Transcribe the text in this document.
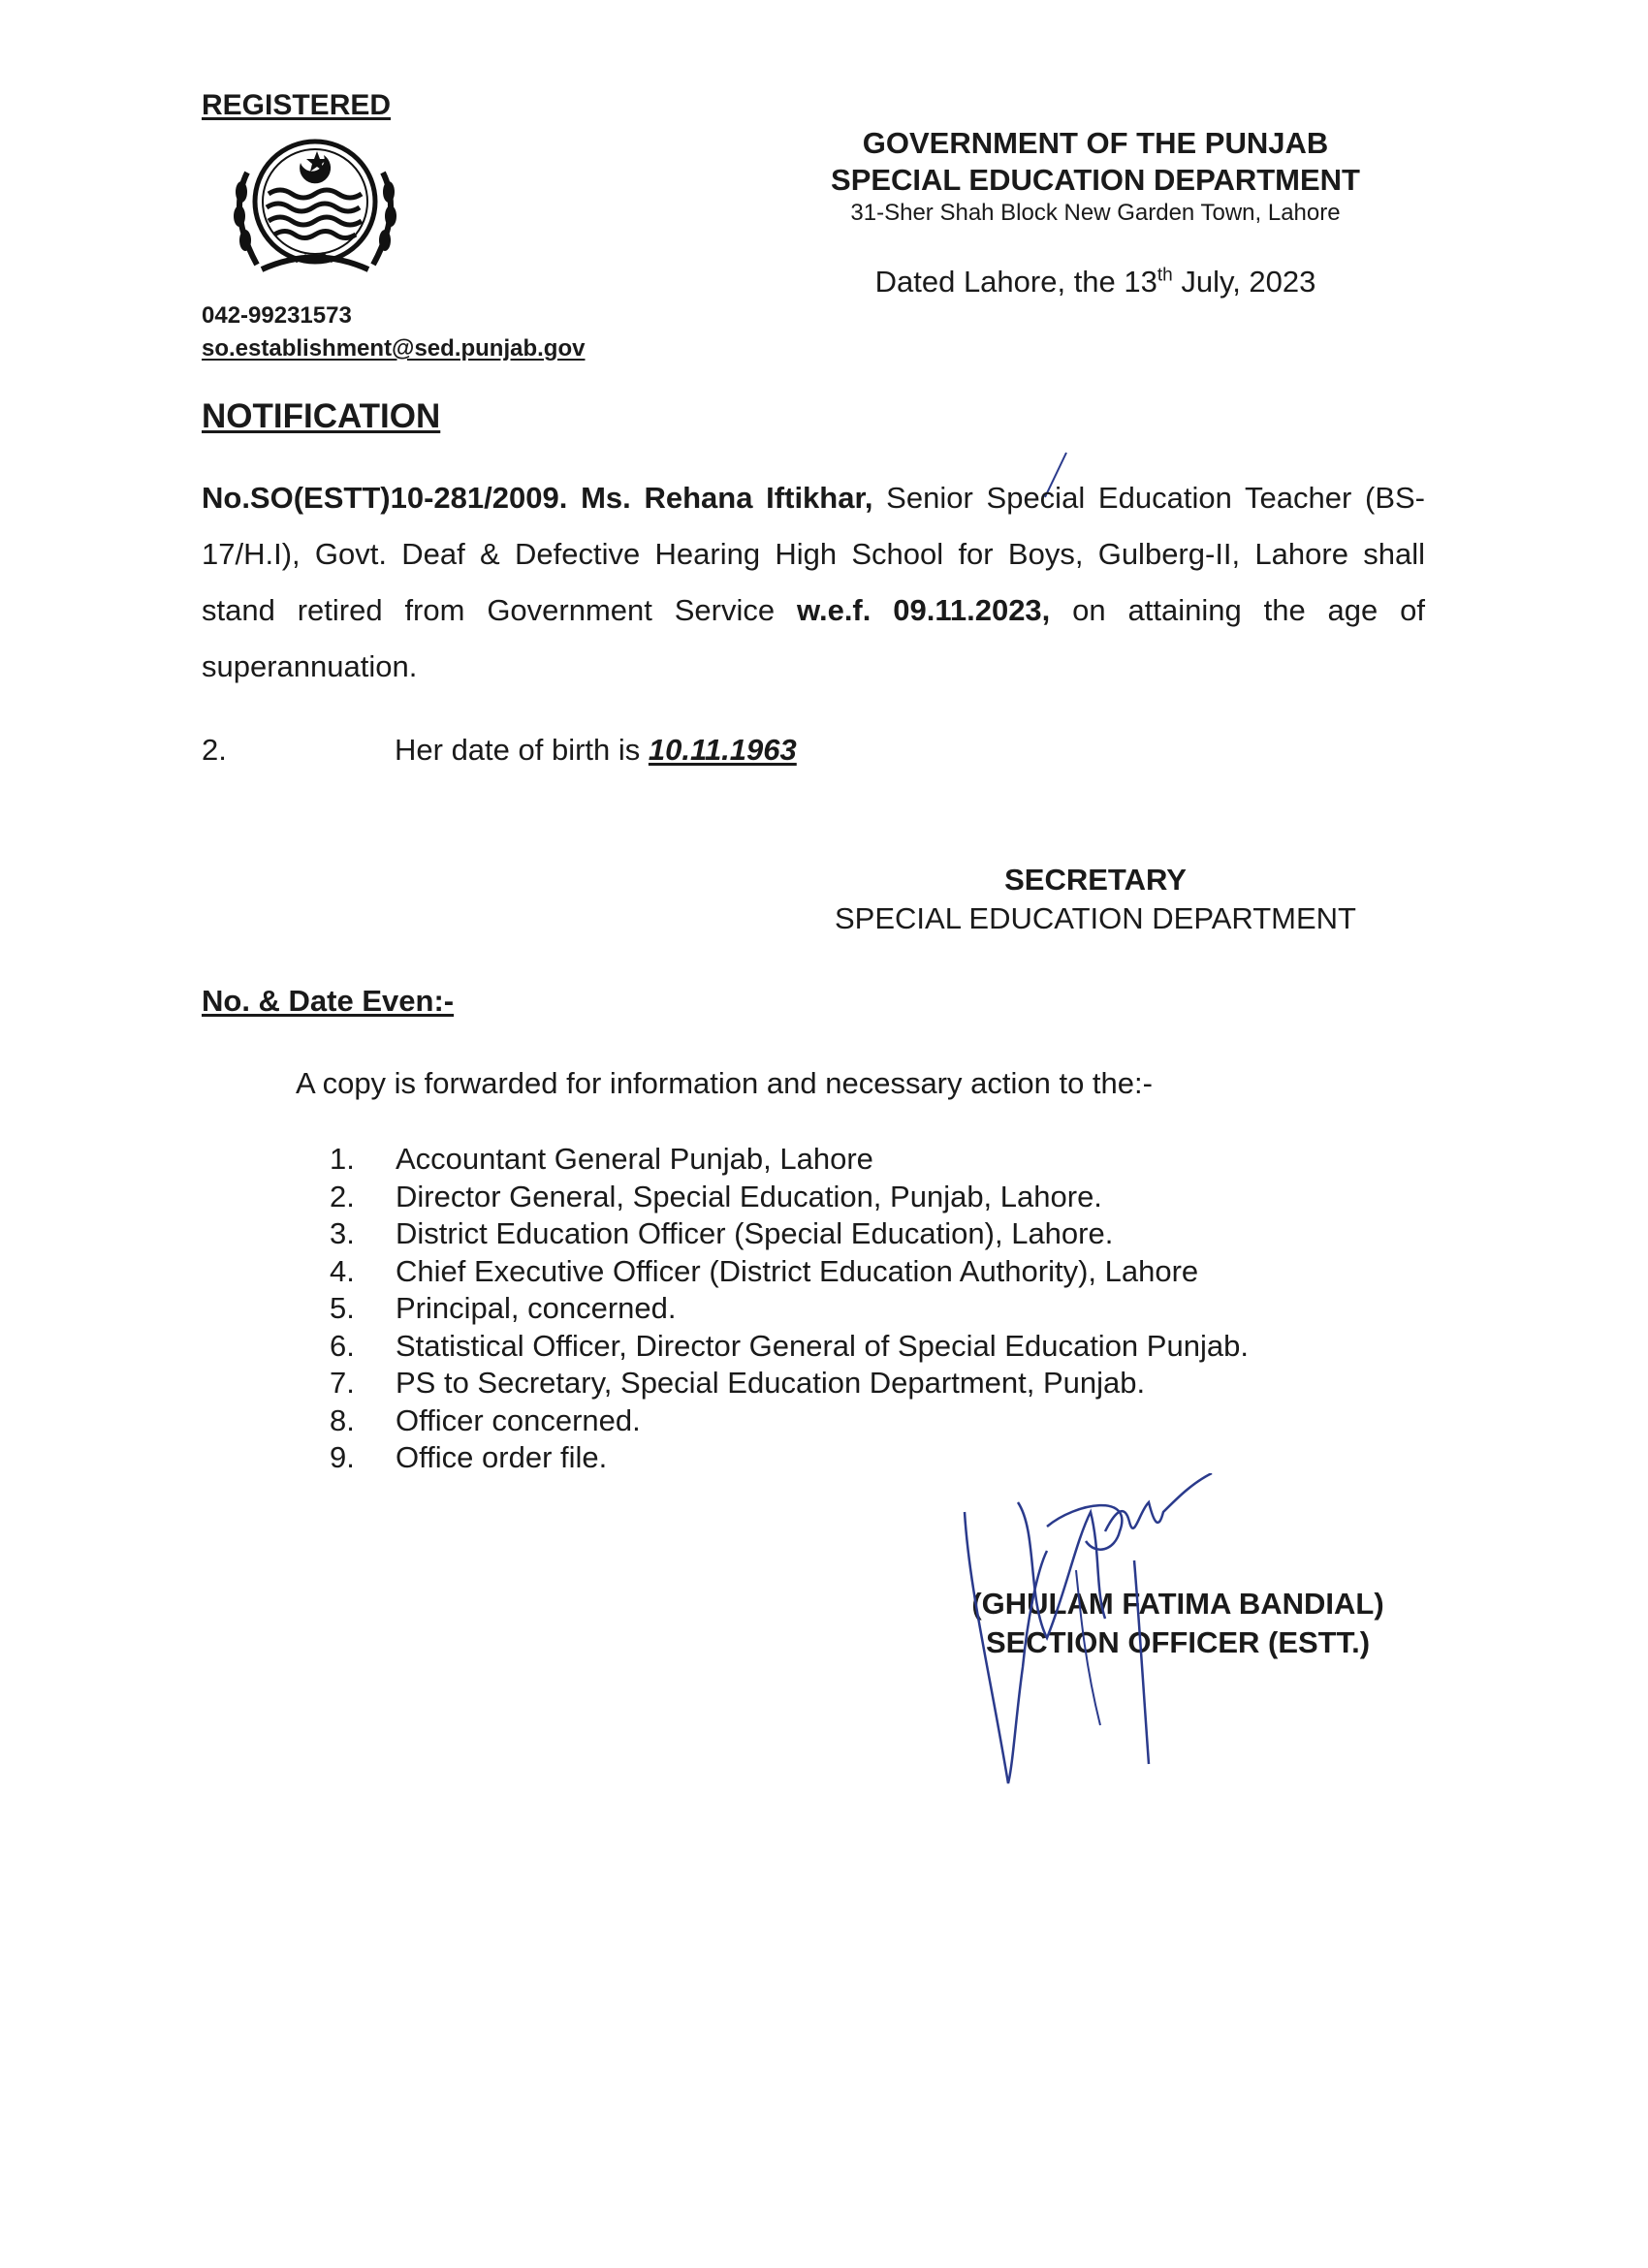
REGISTERED
042-99231573
so.establishment@sed.punjab.gov
GOVERNMENT OF THE PUNJAB
SPECIAL EDUCATION DEPARTMENT
31-Sher Shah Block New Garden Town, Lahore
Dated Lahore, the 13th July, 2023
NOTIFICATION
No.SO(ESTT)10-281/2009. Ms. Rehana Iftikhar, Senior Special Education Teacher (BS-17/H.I), Govt. Deaf & Defective Hearing High School for Boys, Gulberg-II, Lahore shall stand retired from Government Service w.e.f. 09.11.2023, on attaining the age of superannuation.
2.	Her date of birth is 10.11.1963
SECRETARY
SPECIAL EDUCATION DEPARTMENT
No. & Date Even:-
A copy is forwarded for information and necessary action to the:-
1. Accountant General Punjab, Lahore
2. Director General, Special Education, Punjab, Lahore.
3. District Education Officer (Special Education), Lahore.
4. Chief Executive Officer (District Education Authority), Lahore
5. Principal, concerned.
6. Statistical Officer, Director General of Special Education Punjab.
7. PS to Secretary, Special Education Department, Punjab.
8. Officer concerned.
9. Office order file.
(GHULAM FATIMA BANDIAL)
SECTION OFFICER (ESTT.)
